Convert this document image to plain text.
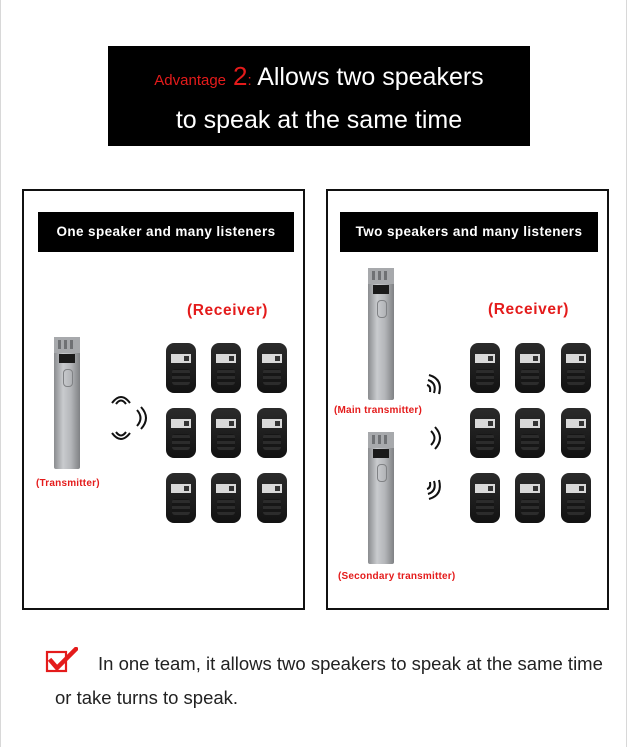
Advantage 2: Allows two speakers
to speak at the same time
One speaker and many listeners
(Receiver)
(Transmitter)
Two speakers and many listeners
(Receiver)
(Main transmitter)
(Secondary transmitter)
In one team, it allows two speakers to speak at the same time or take turns to speak.
